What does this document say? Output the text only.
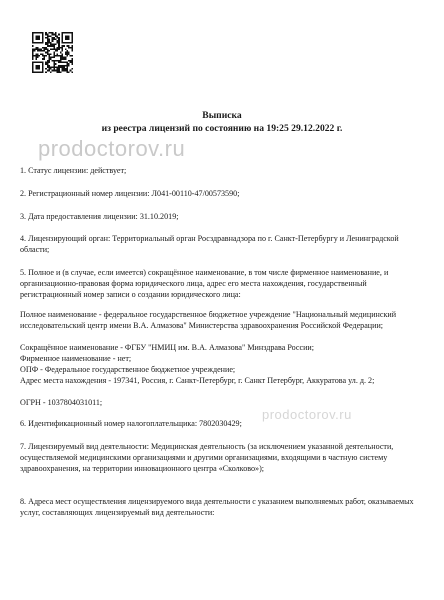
prodoctorov.ru
prodoctorov.ru
Выписка
из реестра лицензий по состоянию на 19:25 29.12.2022 г.
1. Статус лицензии: действует;
2. Регистрационный номер лицензии: Л041-00110-47/00573590;
3. Дата предоставления лицензии: 31.10.2019;
4. Лицензирующий орган: Территориальный орган Росздравнадзора по г. Санкт-Петербургу и Ленинградской области;
5. Полное и (в случае, если имеется) сокращённое наименование, в том числе фирменное наименование, и организационно-правовая форма юридического лица, адрес его места нахождения, государственный регистрационный номер записи о создании юридического лица:
Полное наименование - федеральное государственное бюджетное учреждение "Национальный медицинский исследовательский центр имени В.А. Алмазова" Министерства здравоохранения Российской Федерации;
Сокращённое наименование - ФГБУ "НМИЦ им. В.А. Алмазова" Минздрава России;
Фирменное наименование - нет;
ОПФ - Федеральное государственное бюджетное учреждение;
Адрес места нахождения - 197341, Россия, г. Санкт-Петербург, г. Санкт Петербург, Аккуратова ул. д. 2;
ОГРН - 1037804031011;
6. Идентификационный номер налогоплательщика: 7802030429;
7. Лицензируемый вид деятельности: Медицинская деятельность (за исключением указанной деятельности, осуществляемой медицинскими организациями и другими организациями, входящими в частную систему здравоохранения, на территории инновационного центра «Сколково»);
8. Адреса мест осуществления лицензируемого вида деятельности с указанием выполняемых работ, оказываемых услуг, составляющих лицензируемый вид деятельности:
